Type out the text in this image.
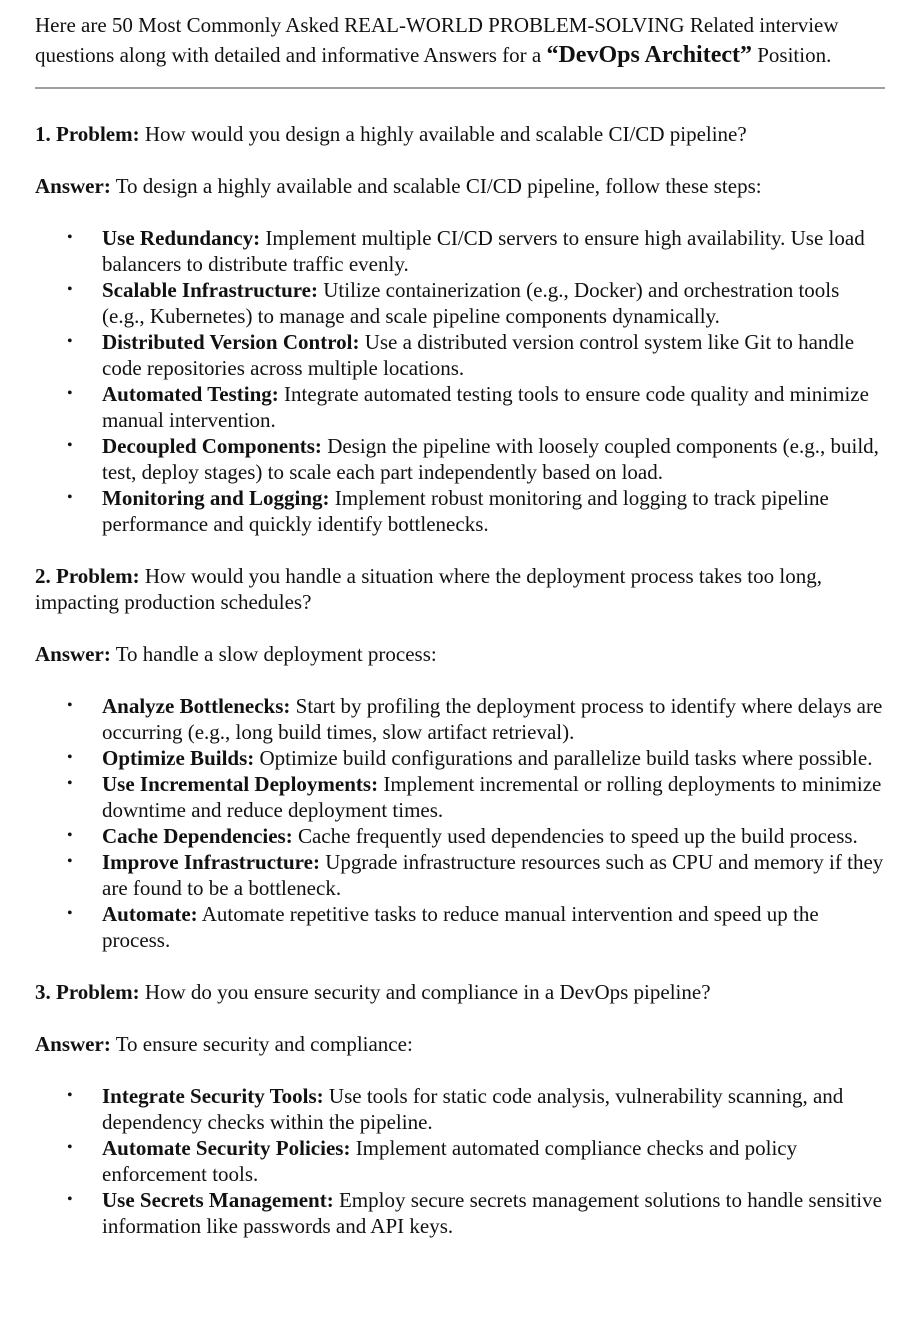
Here are 50 Most Commonly Asked REAL-WORLD PROBLEM-SOLVING Related interview questions along with detailed and informative Answers for a “DevOps Architect” Position.

1. Problem: How would you design a highly available and scalable CI/CD pipeline?

Answer: To design a highly available and scalable CI/CD pipeline, follow these steps:

• Use Redundancy: Implement multiple CI/CD servers to ensure high availability. Use load balancers to distribute traffic evenly.
• Scalable Infrastructure: Utilize containerization (e.g., Docker) and orchestration tools (e.g., Kubernetes) to manage and scale pipeline components dynamically.
• Distributed Version Control: Use a distributed version control system like Git to handle code repositories across multiple locations.
• Automated Testing: Integrate automated testing tools to ensure code quality and minimize manual intervention.
• Decoupled Components: Design the pipeline with loosely coupled components (e.g., build, test, deploy stages) to scale each part independently based on load.
• Monitoring and Logging: Implement robust monitoring and logging to track pipeline performance and quickly identify bottlenecks.

2. Problem: How would you handle a situation where the deployment process takes too long, impacting production schedules?

Answer: To handle a slow deployment process:

• Analyze Bottlenecks: Start by profiling the deployment process to identify where delays are occurring (e.g., long build times, slow artifact retrieval).
• Optimize Builds: Optimize build configurations and parallelize build tasks where possible.
• Use Incremental Deployments: Implement incremental or rolling deployments to minimize downtime and reduce deployment times.
• Cache Dependencies: Cache frequently used dependencies to speed up the build process.
• Improve Infrastructure: Upgrade infrastructure resources such as CPU and memory if they are found to be a bottleneck.
• Automate: Automate repetitive tasks to reduce manual intervention and speed up the process.

3. Problem: How do you ensure security and compliance in a DevOps pipeline?

Answer: To ensure security and compliance:

• Integrate Security Tools: Use tools for static code analysis, vulnerability scanning, and dependency checks within the pipeline.
• Automate Security Policies: Implement automated compliance checks and policy enforcement tools.
• Use Secrets Management: Employ secure secrets management solutions to handle sensitive information like passwords and API keys.
